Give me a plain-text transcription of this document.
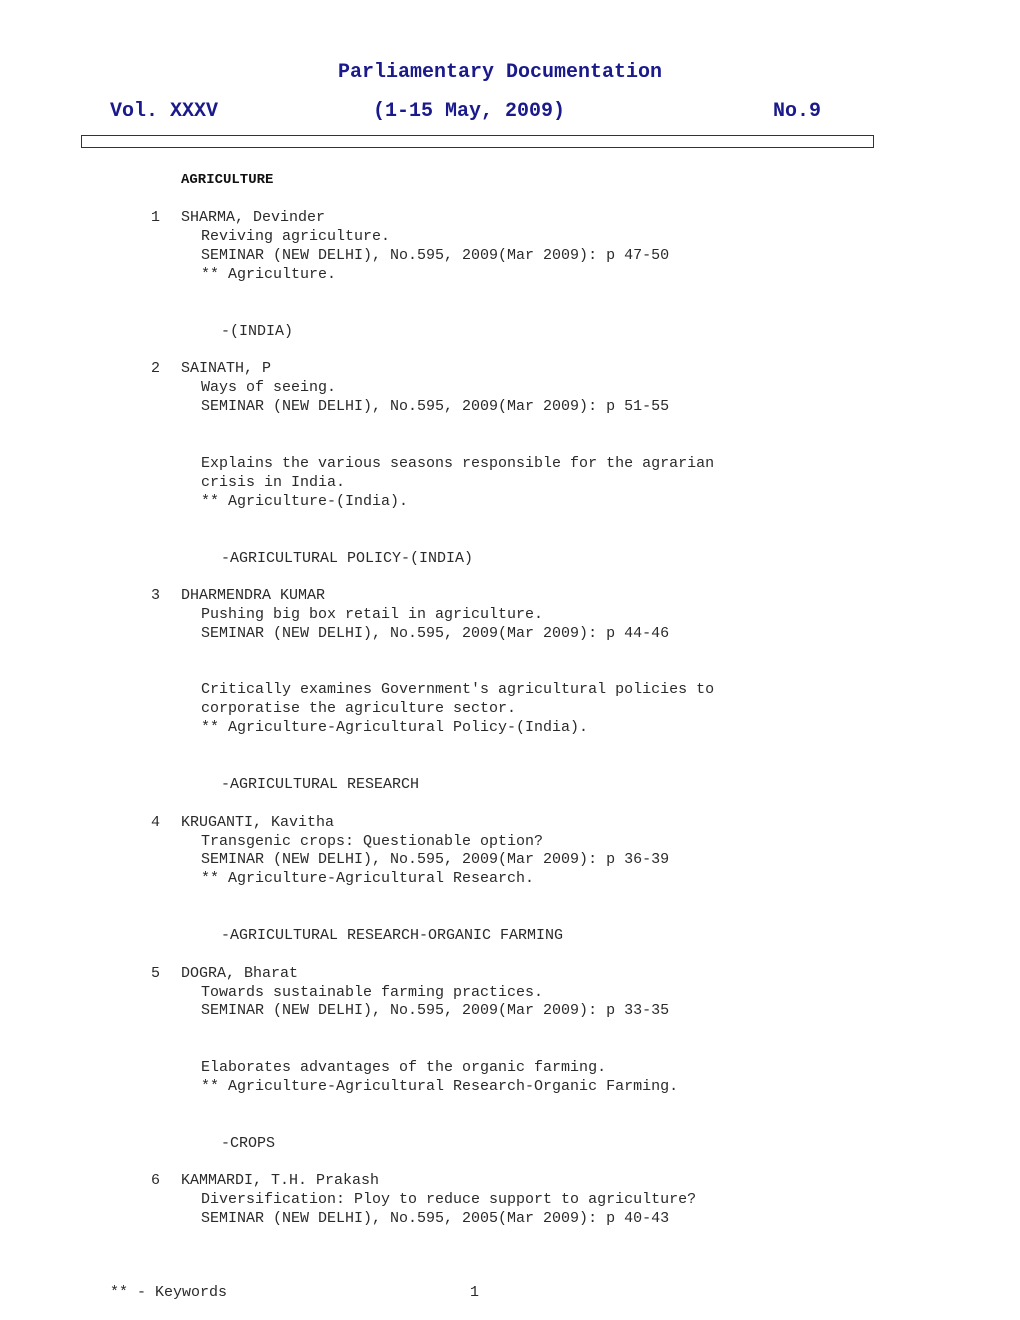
Parliamentary Documentation
Vol. XXXV	(1-15 May, 2009)	No.9
AGRICULTURE
1 SHARMA, Devinder
Reviving agriculture.
SEMINAR (NEW DELHI), No.595, 2009(Mar 2009): p 47-50
** Agriculture.
-(INDIA)
2 SAINATH, P
Ways of seeing.
SEMINAR (NEW DELHI), No.595, 2009(Mar 2009): p 51-55
Explains the various seasons responsible for the agrarian
crisis in India.
** Agriculture-(India).
-AGRICULTURAL POLICY-(INDIA)
3 DHARMENDRA KUMAR
Pushing big box retail in agriculture.
SEMINAR (NEW DELHI), No.595, 2009(Mar 2009): p 44-46
Critically examines Government's agricultural policies to
corporatise the agriculture sector.
** Agriculture-Agricultural Policy-(India).
-AGRICULTURAL RESEARCH
4 KRUGANTI, Kavitha
Transgenic crops: Questionable option?
SEMINAR (NEW DELHI), No.595, 2009(Mar 2009): p 36-39
** Agriculture-Agricultural Research.
-AGRICULTURAL RESEARCH-ORGANIC FARMING
5 DOGRA, Bharat
Towards sustainable farming practices.
SEMINAR (NEW DELHI), No.595, 2009(Mar 2009): p 33-35
Elaborates advantages of the organic farming.
** Agriculture-Agricultural Research-Organic Farming.
-CROPS
6 KAMMARDI, T.H. Prakash
Diversification: Ploy to reduce support to agriculture?
SEMINAR (NEW DELHI), No.595, 2005(Mar 2009): p 40-43
** - Keywords	1
